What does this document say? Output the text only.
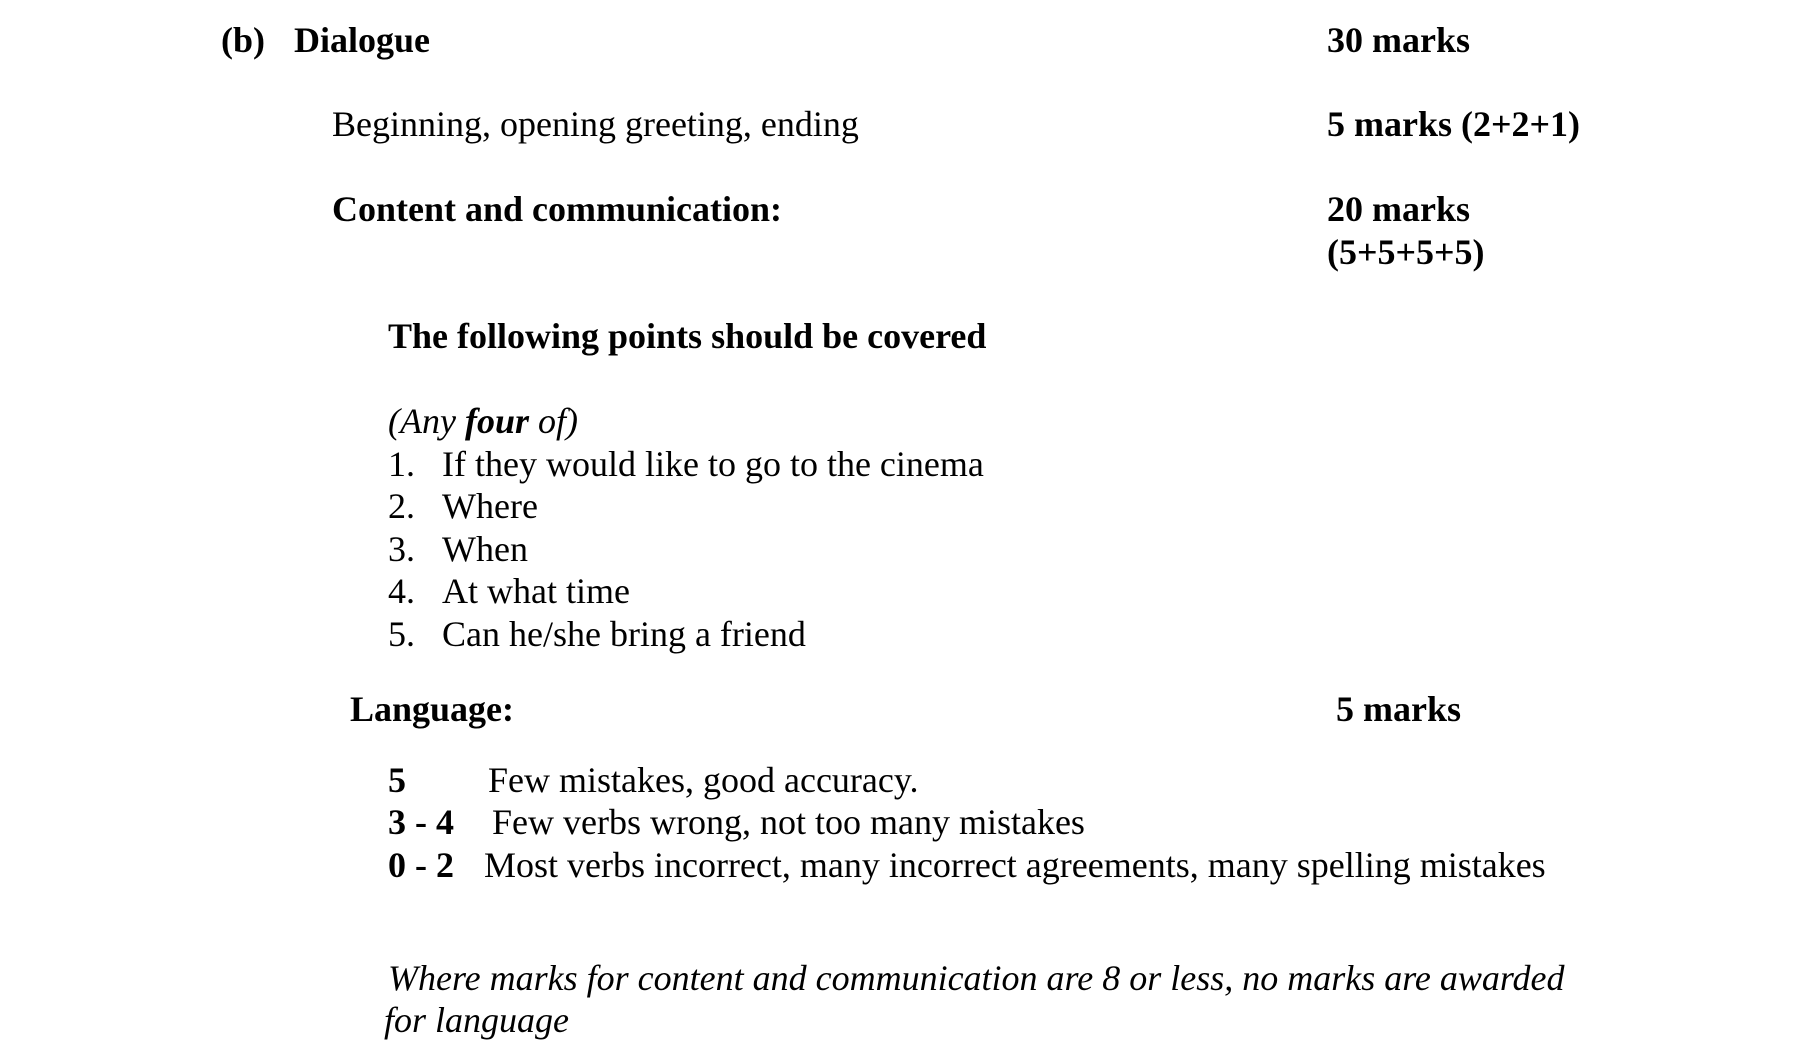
(b) Dialogue	30 marks
Beginning, opening greeting, ending	5 marks (2+2+1)
Content and communication:	20 marks
(5+5+5+5)
The following points should be covered
(Any four of)
1. If they would like to go to the cinema
2. Where
3. When
4. At what time
5. Can he/she bring a friend
Language:	5 marks
5 Few mistakes, good accuracy.
3 - 4 Few verbs wrong, not too many mistakes
0 - 2 Most verbs incorrect, many incorrect agreements, many spelling mistakes
Where marks for content and communication are 8 or less, no marks are awarded
for language
